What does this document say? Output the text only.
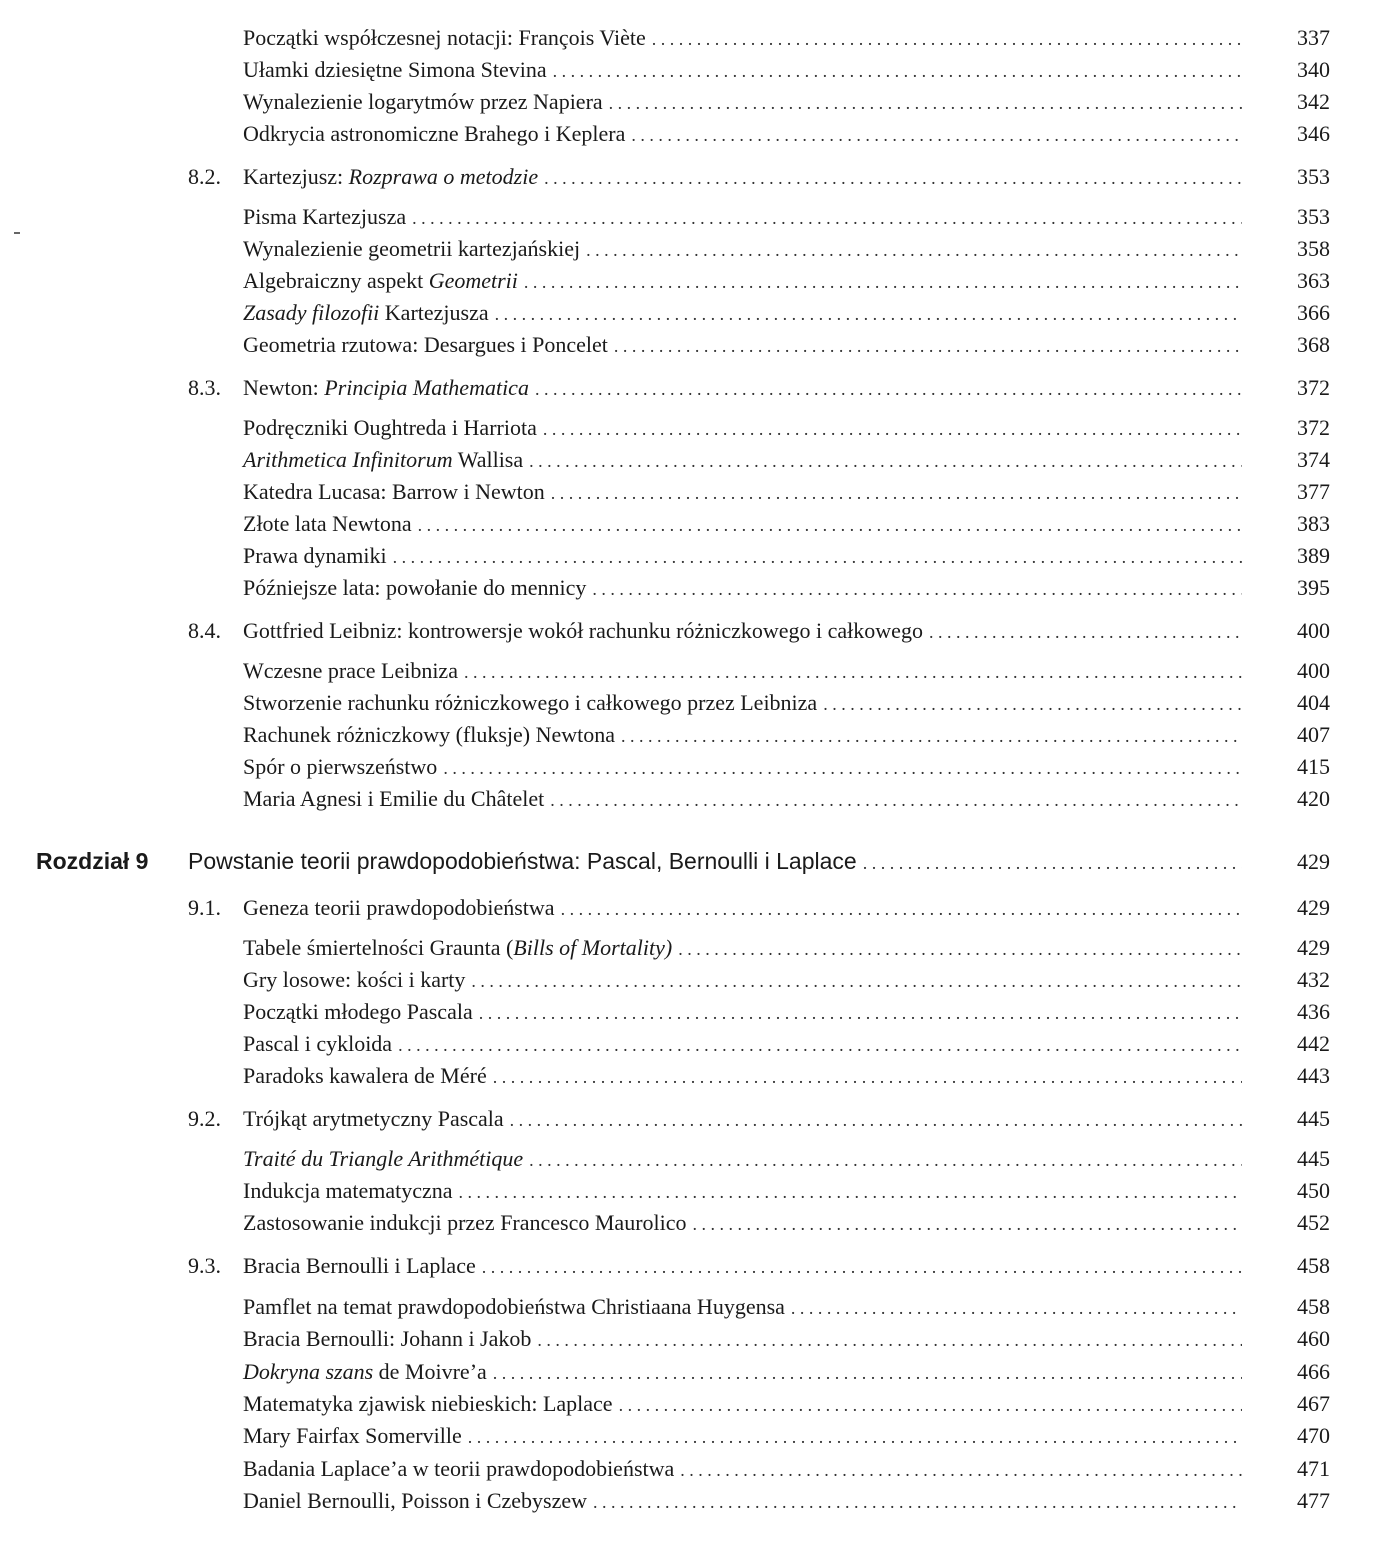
Początki współczesnej notacji: François Viète . . .	337
Ułamki dziesiętne Simona Stevina . . .	340
Wynalezienie logarytmów przez Napiera . . .	342
Odkrycia astronomiczne Brahego i Keplera . . .	346
8.2. Kartezjusz: Rozprawa o metodzie . . .	353
Pisma Kartezjusza . . .	353
Wynalezienie geometrii kartezjańskiej . . .	358
Algebraiczny aspekt Geometrii . . .	363
Zasady filozofii Kartezjusza . . .	366
Geometria rzutowa: Desargues i Poncelet . . .	368
8.3. Newton: Principia Mathematica . . .	372
Podręczniki Oughtreda i Harriota . . .	372
Arithmetica Infinitorum Wallisa . . .	374
Katedra Lucasa: Barrow i Newton . . .	377
Złote lata Newtona . . .	383
Prawa dynamiki . . .	389
Późniejsze lata: powołanie do mennicy . . .	395
8.4. Gottfried Leibniz: kontrowersje wokół rachunku różniczkowego i całkowego . . .	400
Wczesne prace Leibniza . . .	400
Stworzenie rachunku różniczkowego i całkowego przez Leibniza . . .	404
Rachunek różniczkowy (fluksje) Newtona . . .	407
Spór o pierwszeństwo . . .	415
Maria Agnesi i Emilie du Châtelet . . .	420
Rozdział 9 Powstanie teorii prawdopodobieństwa: Pascal, Bernoulli i Laplace . . .	429
9.1. Geneza teorii prawdopodobieństwa . . .	429
Tabele śmiertelności Graunta (Bills of Mortality) . . .	429
Gry losowe: kości i karty . . .	432
Początki młodego Pascala . . .	436
Pascal i cykloida . . .	442
Paradoks kawalera de Méré . . .	443
9.2. Trójkąt arytmetyczny Pascala . . .	445
Traité du Triangle Arithmétique . . .	445
Indukcja matematyczna . . .	450
Zastosowanie indukcji przez Francesco Maurolico . . .	452
9.3. Bracia Bernoulli i Laplace . . .	458
Pamflet na temat prawdopodobieństwa Christiaana Huygensa . . .	458
Bracia Bernoulli: Johann i Jakob . . .	460
Dokryna szans de Moivre’a . . .	466
Matematyka zjawisk niebieskich: Laplace . . .	467
Mary Fairfax Somerville . . .	470
Badania Laplace’a w teorii prawdopodobieństwa . . .	471
Daniel Bernoulli, Poisson i Czebyszew . . .	477
